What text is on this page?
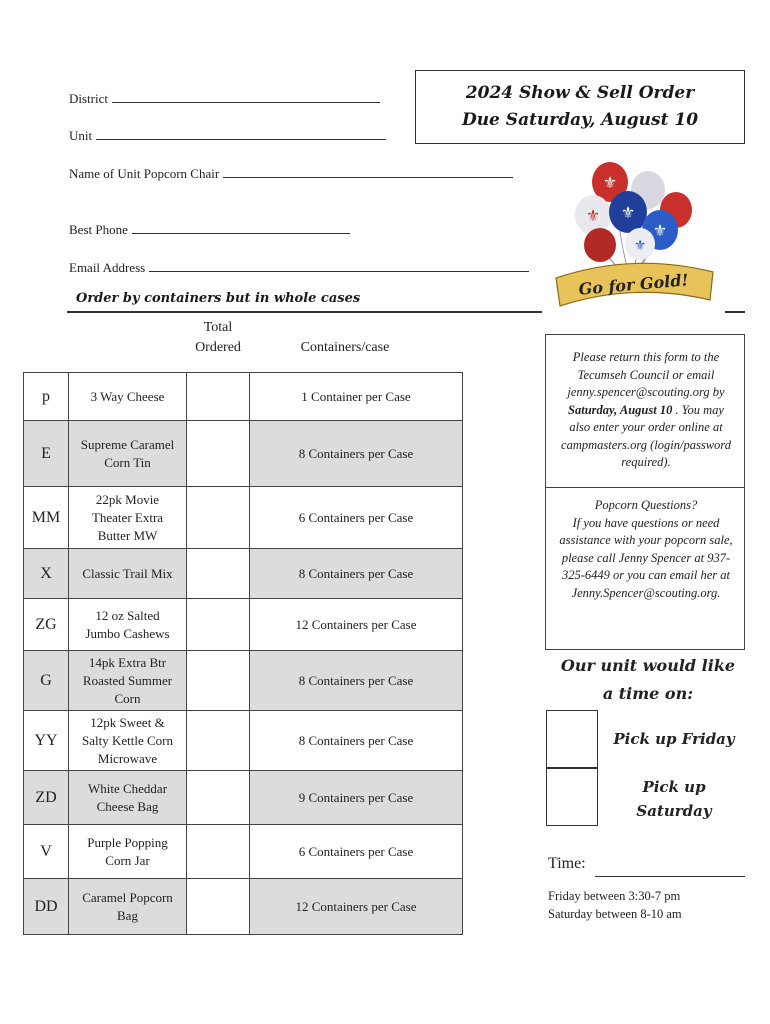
District
Unit
Name of Unit Popcorn Chair
Best Phone
Email Address
2024 Show & Sell Order
Due Saturday, August 10
⚜
⚜
⚜
⚜
⚜
Go for Gold!
Order by containers but in whole cases
Total
Ordered	Containers/case
p	3 Way Cheese		1 Container per Case
E	Supreme Caramel
Corn Tin		8 Containers per Case
MM	22pk Movie
Theater Extra
Butter MW		6 Containers per Case
X	Classic Trail Mix		8 Containers per Case
ZG	12 oz Salted
Jumbo Cashews		12 Containers per Case
G	14pk Extra Btr
Roasted Summer
Corn		8 Containers per Case
YY	12pk Sweet &
Salty Kettle Corn
Microwave		8 Containers per Case
ZD	White Cheddar
Cheese Bag		9 Containers per Case
V	Purple Popping
Corn Jar		6 Containers per Case
DD	Caramel Popcorn
Bag		12 Containers per Case
Please return this form to the
Tecumseh Council or email
jenny.spencer@scouting.org by
Saturday, August 10 . You may
also enter your order online at
campmasters.org (login/password
required).
Popcorn Questions?
If you have questions or need
assistance with your popcorn sale,
please call Jenny Spencer at 937-
325-6449 or you can email her at
Jenny.Spencer@scouting.org.
Our unit would like
a time on:
Pick up Friday
Pick up
Saturday
Time:
Friday between 3:30-7 pm
Saturday between 8-10 am
